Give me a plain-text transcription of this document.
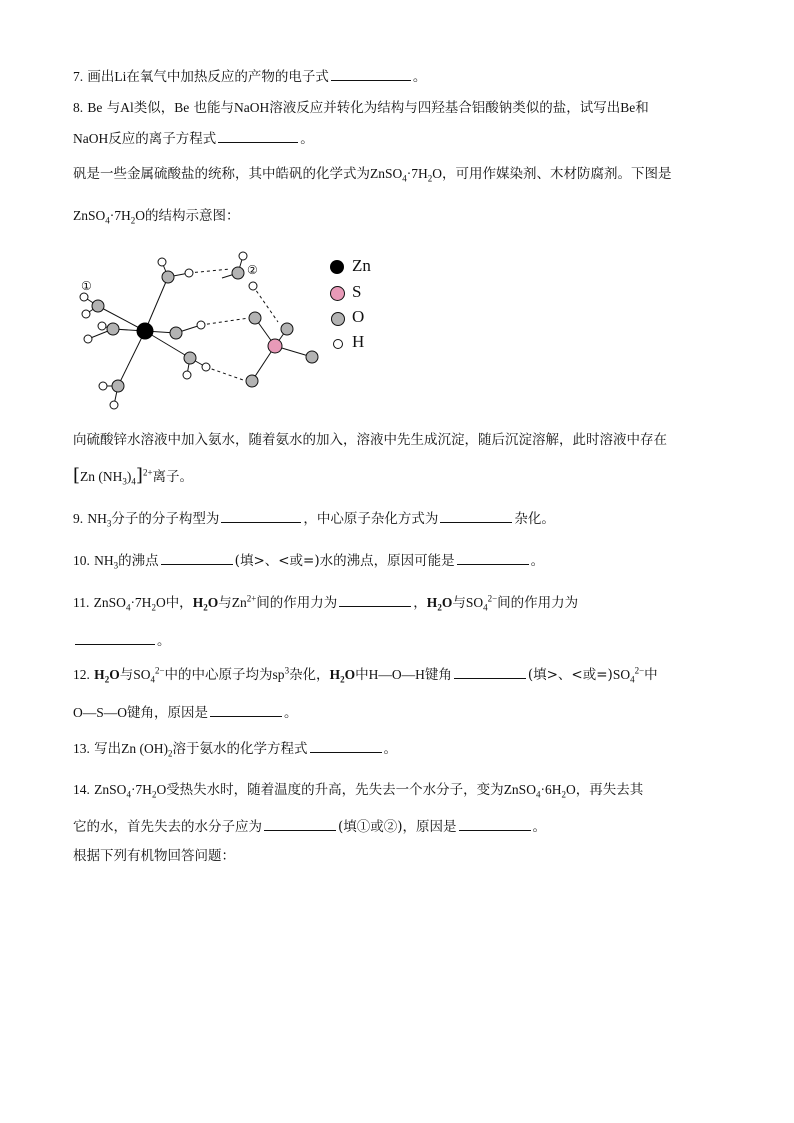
7. 画出Li在氧气中加热反应的产物的电子式	。
8. Be 与Al类似，Be 也能与NaOH溶液反应并转化为结构与四羟基合铝酸钠类似的盐，试写出Be和
NaOH反应的离子方程式	。
矾是一些金属硫酸盐的统称，其中皓矾的化学式为$ZnSO_4\cdot 7H_2O$，可用作媒染剂、木材防腐剂。下图是
$ZnSO_4\cdot 7H_2O$的结构示意图：
①
②	Zn
S
O
H
向硫酸锌水溶液中加入氨水，随着氨水的加入，溶液中先生成沉淀，随后沉淀溶解，此时溶液中存在
[Zn $(NH_3)_4]^{2+}$离子。
9. $NH_3$分子的分子构型为	，中心原子杂化方式为	杂化。
10. $NH_3$的沸点	(填>、<或=)水的沸点，原因可能是	。
11. $ZnSO_4\cdot 7H_2O$中，$H_2O$与$Zn^{2+}$间的作用力为	，$H_2O$与$SO_4^{2-}$间的作用力为
。
12. $H_2O$与$SO_4^{2-}$中的中心原子均为$sp^3$杂化，$H_2O$中H—O—H键角	(填>、<或$=)SO_4^{2-}$中
O—S—O键角，原因是	。
13. 写出Zn $(OH)_2$溶于氨水的化学方程式	。
14. $ZnSO_4\cdot 7H_2O$受热失水时，随着温度的升高，先失去一个水分子，变为$ZnSO_4\cdot 6H_2O$，再失去其
它的水，首先失去的水分子应为	(填①或②)，原因是	。
根据下列有机物回答问题：
